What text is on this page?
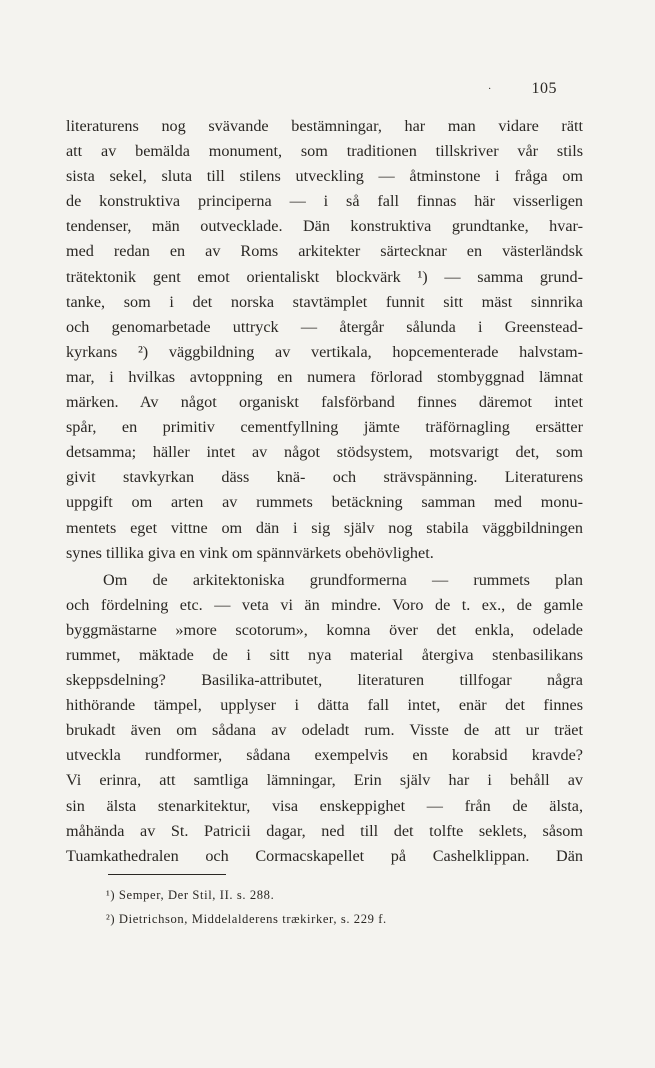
105
·
literaturens nog svävande bestämningar, har man vidare rätt
att av bemälda monument, som traditionen tillskriver vår stils
sista sekel, sluta till stilens utveckling — åtminstone i fråga om
de konstruktiva principerna — i så fall finnas här visserligen
tendenser, män outvecklade. Dän konstruktiva grundtanke, hvar-
med redan en av Roms arkitekter särtecknar en västerländsk
trätektonik gent emot orientaliskt blockvärk ¹) — samma grund-
tanke, som i det norska stavtämplet funnit sitt mäst sinnrika
och genomarbetade uttryck — återgår sålunda i Greenstead-
kyrkans ²) väggbildning av vertikala, hopcementerade halvstam-
mar, i hvilkas avtoppning en numera förlorad stombyggnad lämnat
märken. Av något organiskt falsförband finnes däremot intet
spår, en primitiv cementfyllning jämte träförnagling ersätter
detsamma; häller intet av något stödsystem, motsvarigt det, som
givit stavkyrkan däss knä- och strävspänning. Literaturens
uppgift om arten av rummets betäckning samman med monu-
mentets eget vittne om dän i sig själv nog stabila väggbildningen
synes tillika giva en vink om spännvärkets obehövlighet.
Om de arkitektoniska grundformerna — rummets plan
och fördelning etc. — veta vi än mindre. Voro de t. ex., de gamle
byggmästarne »more scotorum», komna över det enkla, odelade
rummet, mäktade de i sitt nya material återgiva stenbasilikans
skeppsdelning? Basilika-attributet, literaturen tillfogar några
hithörande tämpel, upplyser i dätta fall intet, enär det finnes
brukadt även om sådana av odeladt rum. Visste de att ur träet
utveckla rundformer, sådana exempelvis en korabsid kravde?
Vi erinra, att samtliga lämningar, Erin själv har i behåll av
sin älsta stenarkitektur, visa enskeppighet — från de älsta,
måhända av St. Patricii dagar, ned till det tolfte seklets, såsom
Tuamkathedralen och Cormacskapellet på Cashelklippan. Dän
¹) Semper, Der Stil, II. s. 288.
²) Dietrichson, Middelalderens trækirker, s. 229 f.
